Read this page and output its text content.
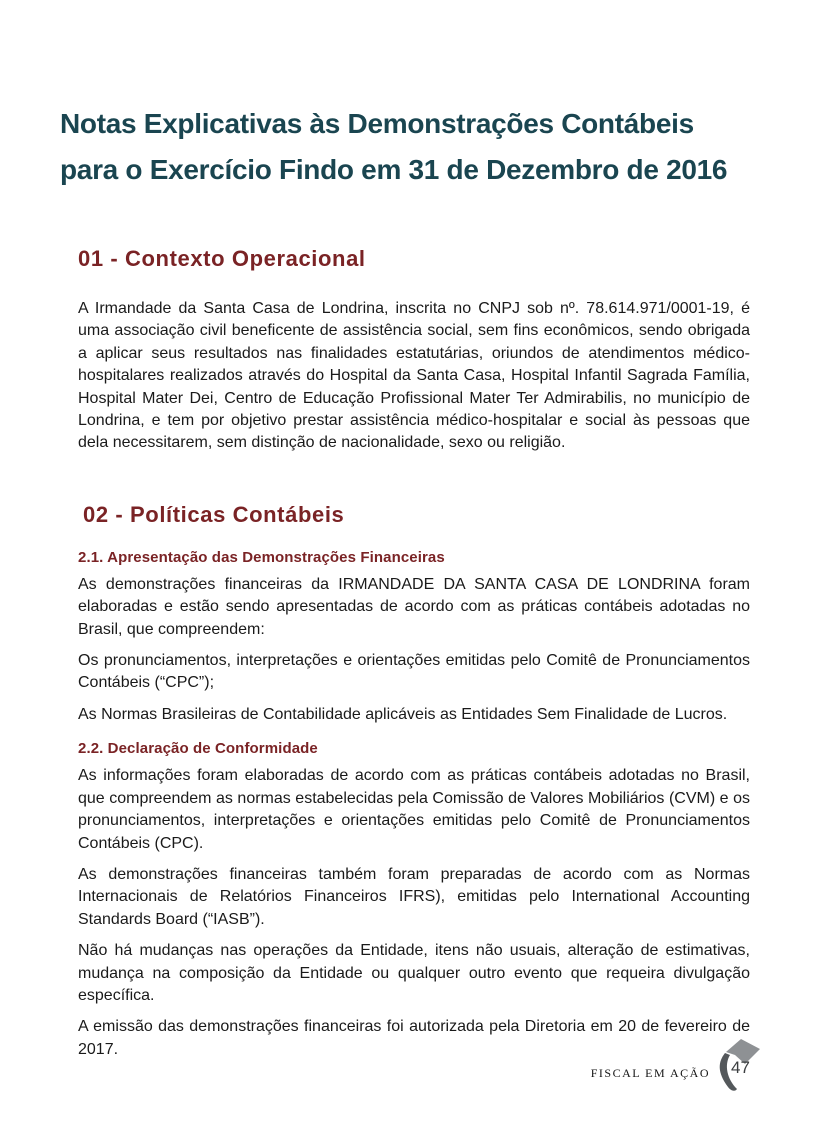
Notas Explicativas às Demonstrações Contábeis
para o Exercício Findo em 31 de Dezembro de 2016
01 - Contexto Operacional

A Irmandade da Santa Casa de Londrina, inscrita no CNPJ sob nº. 78.614.971/0001-19, é uma associação civil beneficente de assistência social, sem fins econômicos, sendo obrigada a aplicar seus resultados nas finalidades estatutárias, oriundos de atendimentos médico-hospitalares realizados através do Hospital da Santa Casa, Hospital Infantil Sagrada Família, Hospital Mater Dei, Centro de Educação Profissional Mater Ter Admirabilis, no município de Londrina, e tem por objetivo prestar assistência médico-hospitalar e social às pessoas que dela necessitarem, sem distinção de nacionalidade, sexo ou religião.

02 - Políticas Contábeis
2.1. Apresentação das Demonstrações Financeiras

As demonstrações financeiras da IRMANDADE DA SANTA CASA DE LONDRINA foram elaboradas e estão sendo apresentadas de acordo com as práticas contábeis adotadas no Brasil, que compreendem:

Os pronunciamentos, interpretações e orientações emitidas pelo Comitê de Pronunciamentos Contábeis (“CPC”);

As Normas Brasileiras de Contabilidade aplicáveis as Entidades Sem Finalidade de Lucros.

2.2. Declaração de Conformidade

As informações foram elaboradas de acordo com as práticas contábeis adotadas no Brasil, que compreendem as normas estabelecidas pela Comissão de Valores Mobiliários (CVM) e os pronunciamentos, interpretações e orientações emitidas pelo Comitê de Pronunciamentos Contábeis (CPC).

As demonstrações financeiras também foram preparadas de acordo com as Normas Internacionais de Relatórios Financeiros IFRS), emitidas pelo International Accounting Standards Board (“IASB”).

Não há mudanças nas operações da Entidade, itens não usuais, alteração de estimativas, mudança na composição da Entidade ou qualquer outro evento que requeira divulgação específica.

A emissão das demonstrações financeiras foi autorizada pela Diretoria em 20 de fevereiro de 2017.

FISCAL EM AÇÃO 47
